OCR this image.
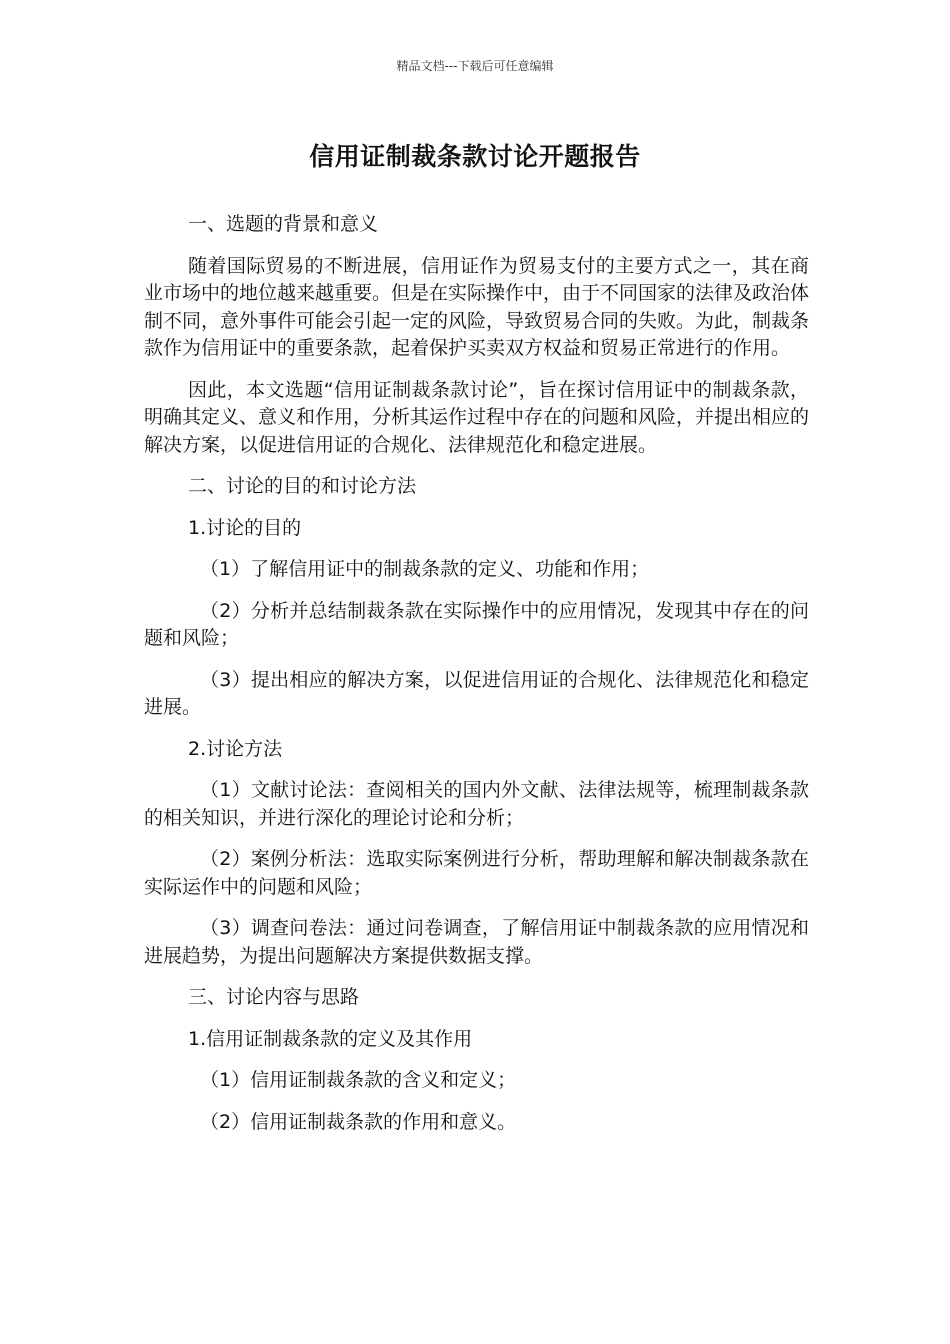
精品文档---下载后可任意编辑
信用证制裁条款讨论开题报告

一、选题的背景和意义

随着国际贸易的不断进展，信用证作为贸易支付的主要方式之一，其在商业市场中的地位越来越重要。但是在实际操作中，由于不同国家的法律及政治体制不同，意外事件可能会引起一定的风险，导致贸易合同的失败。为此，制裁条款作为信用证中的重要条款，起着保护买卖双方权益和贸易正常进行的作用。

因此，本文选题“信用证制裁条款讨论”，旨在探讨信用证中的制裁条款，明确其定义、意义和作用，分析其运作过程中存在的问题和风险，并提出相应的解决方案，以促进信用证的合规化、法律规范化和稳定进展。

二、讨论的目的和讨论方法

1.讨论的目的

（1）了解信用证中的制裁条款的定义、功能和作用；

（2）分析并总结制裁条款在实际操作中的应用情况，发现其中存在的问题和风险；

（3）提出相应的解决方案，以促进信用证的合规化、法律规范化和稳定进展。

2.讨论方法

（1）文献讨论法：查阅相关的国内外文献、法律法规等，梳理制裁条款的相关知识，并进行深化的理论讨论和分析；

（2）案例分析法：选取实际案例进行分析，帮助理解和解决制裁条款在实际运作中的问题和风险；

（3）调查问卷法：通过问卷调查，了解信用证中制裁条款的应用情况和进展趋势，为提出问题解决方案提供数据支撑。

三、讨论内容与思路

1.信用证制裁条款的定义及其作用

（1）信用证制裁条款的含义和定义；

（2）信用证制裁条款的作用和意义。
